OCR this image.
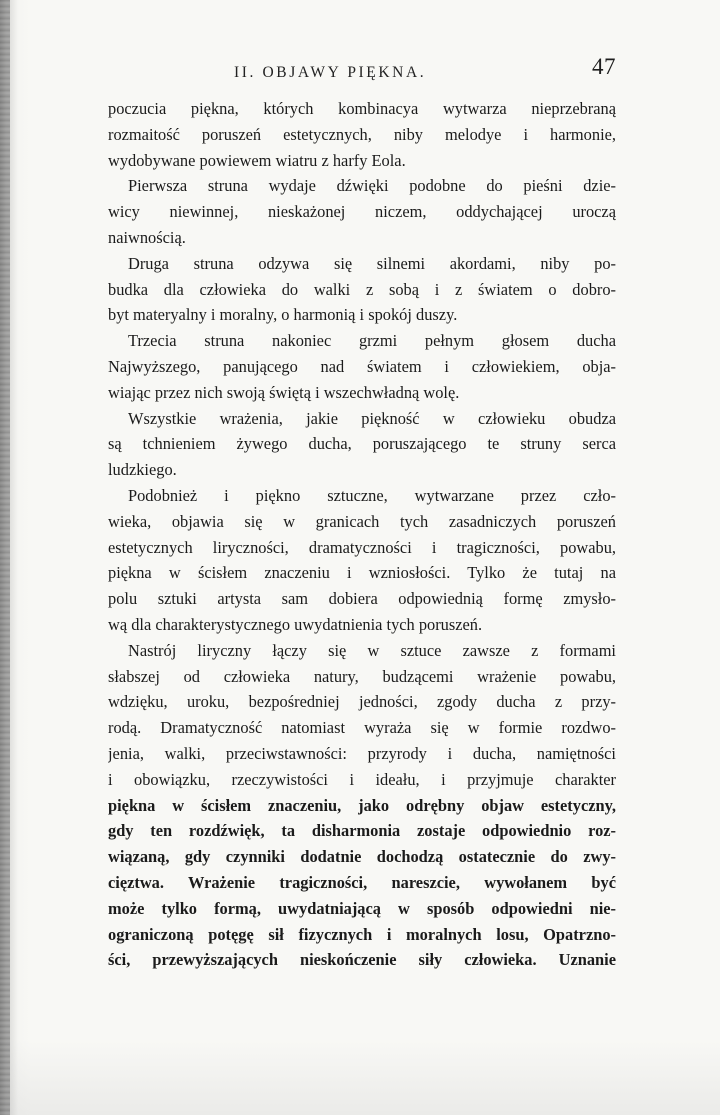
II. OBJAWY PIĘKNA.	47
poczucia piękna, których kombinacya wytwarza nieprzebraną
rozmaitość poruszeń estetycznych, niby melodye i harmonie,
wydobywane powiewem wiatru z harfy Eola.
Pierwsza struna wydaje dźwięki podobne do pieśni dzie-
wicy niewinnej, nieskażonej niczem, oddychającej uroczą
naiwnością.
Druga struna odzywa się silnemi akordami, niby po-
budka dla człowieka do walki z sobą i z światem o dobro-
byt materyalny i moralny, o harmonią i spokój duszy.
Trzecia struna nakoniec grzmi pełnym głosem ducha
Najwyższego, panującego nad światem i człowiekiem, obja-
wiając przez nich swoją świętą i wszechwładną wolę.
Wszystkie wrażenia, jakie piękność w człowieku obudza
są tchnieniem żywego ducha, poruszającego te struny serca
ludzkiego.
Podobnież i piękno sztuczne, wytwarzane przez czło-
wieka, objawia się w granicach tych zasadniczych poruszeń
estetycznych liryczności, dramatyczności i tragiczności, powabu,
piękna w ścisłem znaczeniu i wzniosłości. Tylko że tutaj na
polu sztuki artysta sam dobiera odpowiednią formę zmysło-
wą dla charakterystycznego uwydatnienia tych poruszeń.
Nastrój liryczny łączy się w sztuce zawsze z formami
słabszej od człowieka natury, budzącemi wrażenie powabu,
wdzięku, uroku, bezpośredniej jedności, zgody ducha z przy-
rodą. Dramatyczność natomiast wyraża się w formie rozdwo-
jenia, walki, przeciwstawności: przyrody i ducha, namiętności
i obowiązku, rzeczywistości i ideału, i przyjmuje charakter
piękna w ścisłem znaczeniu, jako odrębny objaw estetyczny,
gdy ten rozdźwięk, ta disharmonia zostaje odpowiednio roz-
wiązaną, gdy czynniki dodatnie dochodzą ostatecznie do zwy-
cięztwa. Wrażenie tragiczności, nareszcie, wywołanem być
może tylko formą, uwydatniającą w sposób odpowiedni nie-
ograniczoną potęgę sił fizycznych i moralnych losu, Opatrzno-
ści, przewyższających nieskończenie siły człowieka. Uznanie
